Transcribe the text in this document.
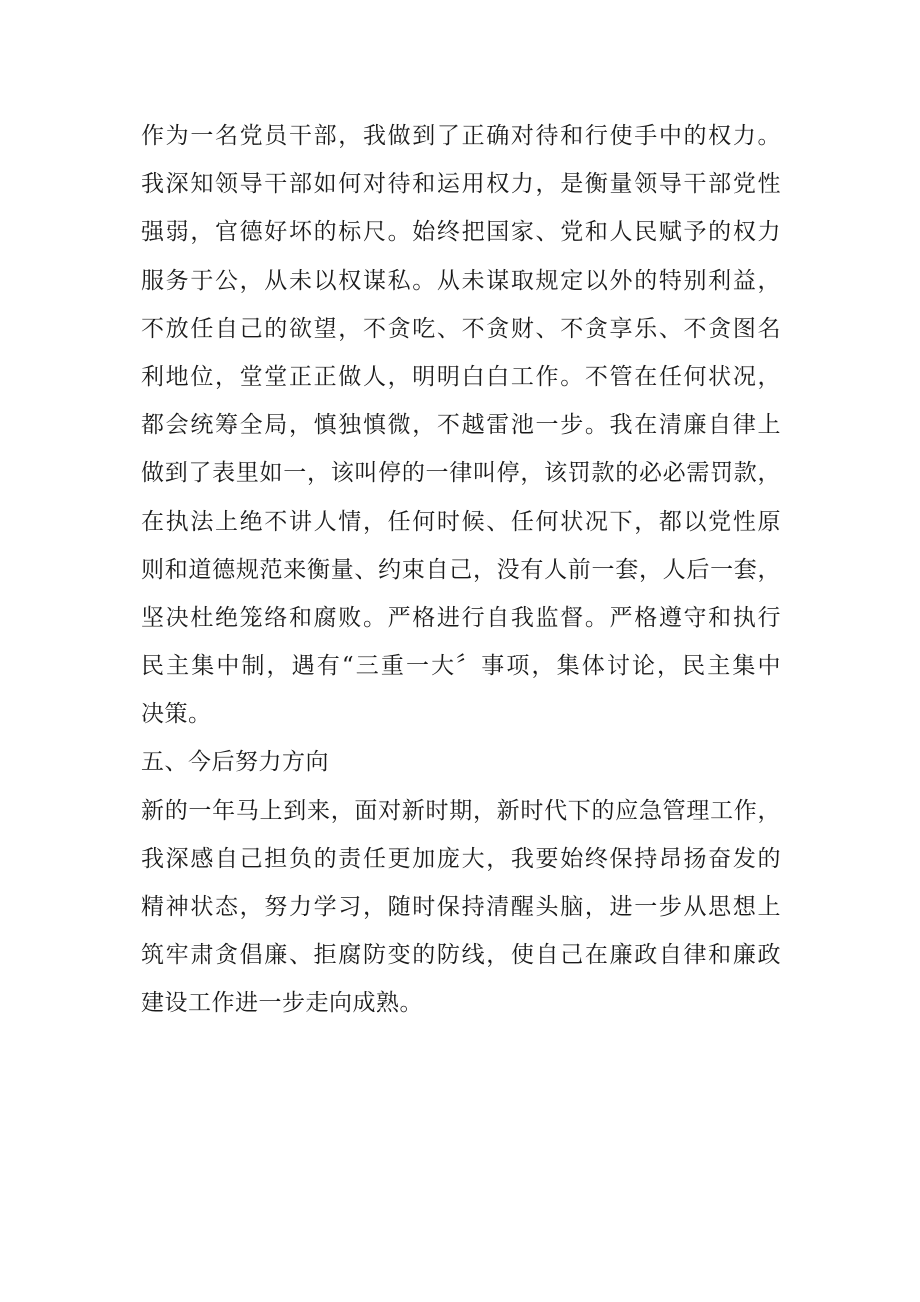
作为一名党员干部，我做到了正确对待和行使手中的权力。
我深知领导干部如何对待和运用权力，是衡量领导干部党性
强弱，官德好坏的标尺。始终把国家、党和人民赋予的权力
服务于公，从未以权谋私。从未谋取规定以外的特别利益，
不放任自己的欲望，不贪吃、不贪财、不贪享乐、不贪图名
利地位，堂堂正正做人，明明白白工作。不管在任何状况，
都会统筹全局，慎独慎微，不越雷池一步。我在清廉自律上
做到了表里如一，该叫停的一律叫停，该罚款的必必需罚款，
在执法上绝不讲人情，任何时候、任何状况下，都以党性原
则和道德规范来衡量、约束自己，没有人前一套，人后一套，
坚决杜绝笼络和腐败。严格进行自我监督。严格遵守和执行
民主集中制，遇有“三重一大〞事项，集体讨论，民主集中
决策。
五、今后努力方向
新的一年马上到来，面对新时期，新时代下的应急管理工作，
我深感自己担负的责任更加庞大，我要始终保持昂扬奋发的
精神状态，努力学习，随时保持清醒头脑，进一步从思想上
筑牢肃贪倡廉、拒腐防变的防线，使自己在廉政自律和廉政
建设工作进一步走向成熟。
